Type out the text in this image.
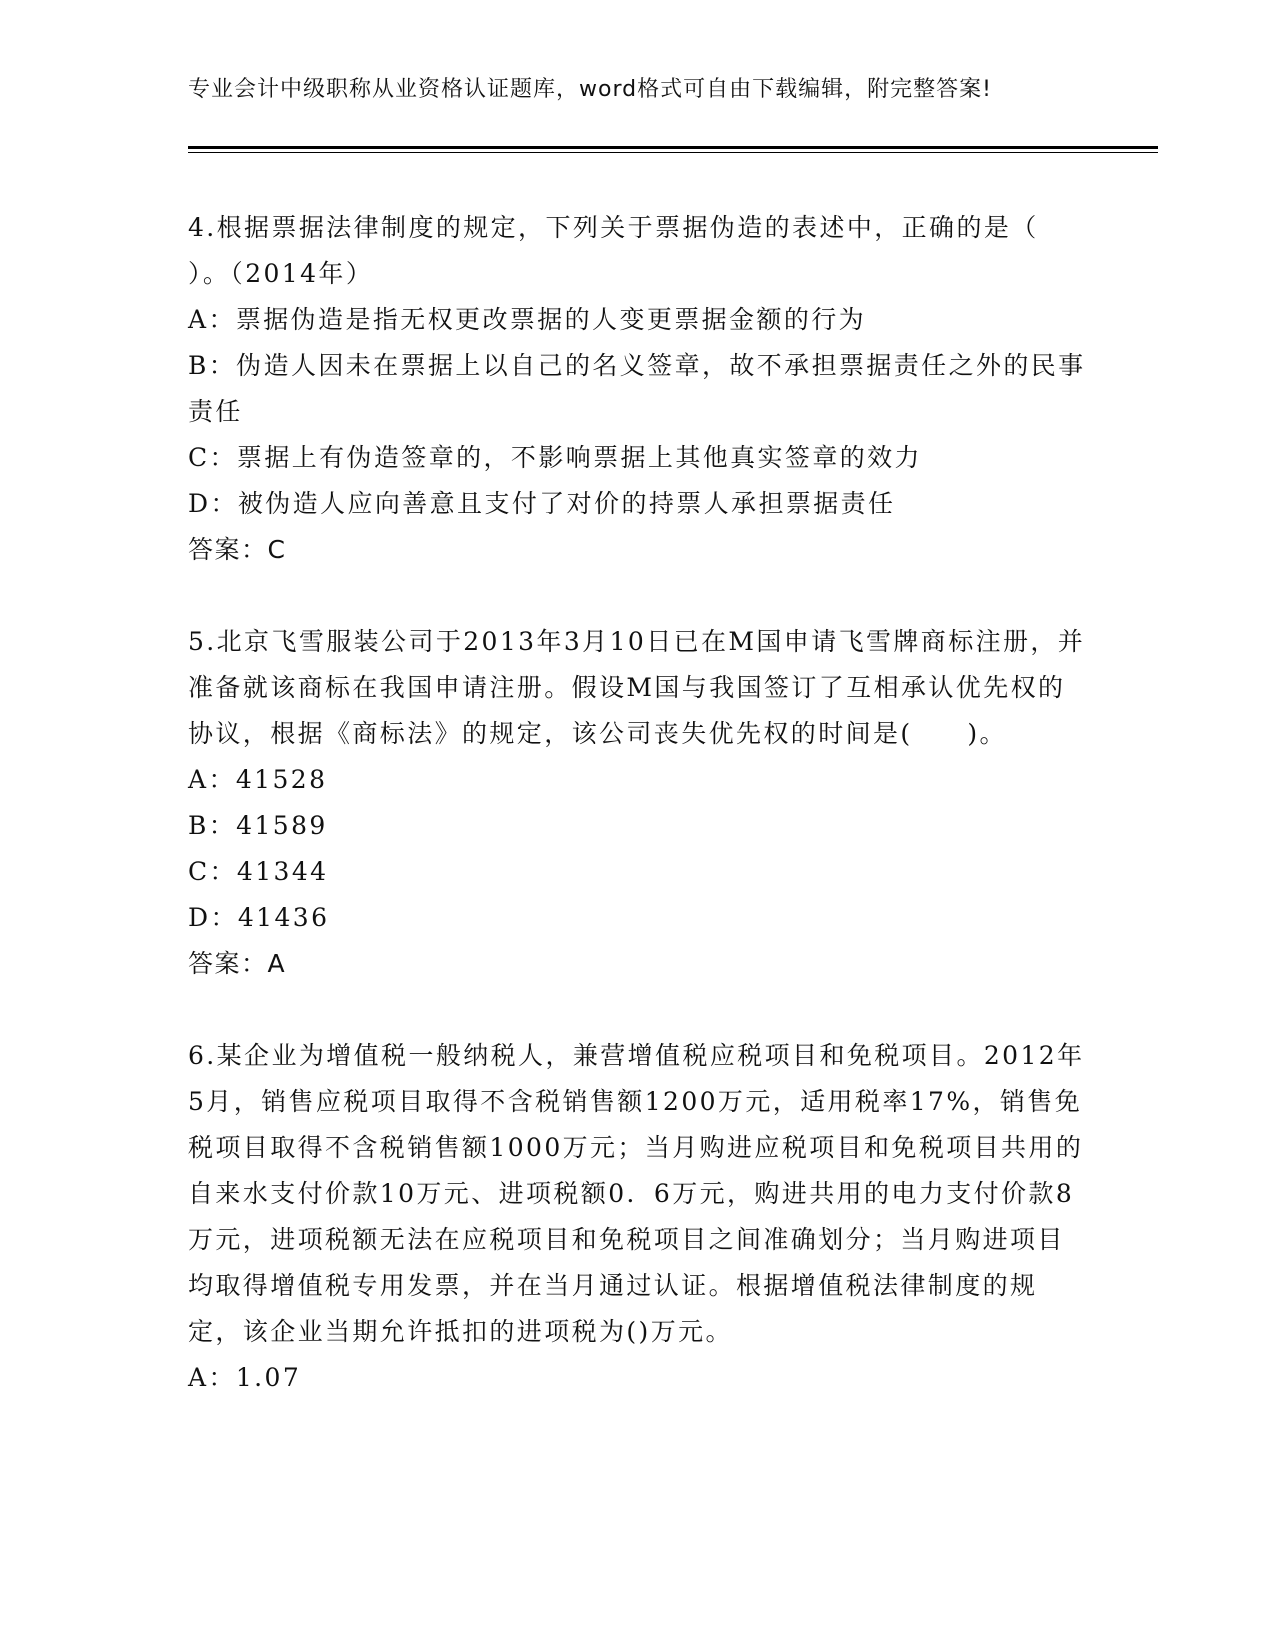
专业会计中级职称从业资格认证题库，word格式可自由下载编辑，附完整答案!
4.根据票据法律制度的规定，下列关于票据伪造的表述中，正确的是（ ）。（2014年）
A：票据伪造是指无权更改票据的人变更票据金额的行为
B：伪造人因未在票据上以自己的名义签章，故不承担票据责任之外的民事责任
C：票据上有伪造签章的，不影响票据上其他真实签章的效力
D：被伪造人应向善意且支付了对价的持票人承担票据责任
答案：C
5.北京飞雪服装公司于2013年3月10日已在M国申请飞雪牌商标注册，并准备就该商标在我国申请注册。假设M国与我国签订了互相承认优先权的协议，根据《商标法》的规定，该公司丧失优先权的时间是(　　)。
A：41528
B：41589
C：41344
D：41436
答案：A
6.某企业为增值税一般纳税人，兼营增值税应税项目和免税项目。2012年5月，销售应税项目取得不含税销售额1200万元，适用税率17%，销售免税项目取得不含税销售额1000万元；当月购进应税项目和免税项目共用的自来水支付价款10万元、进项税额0．6万元，购进共用的电力支付价款8万元，进项税额无法在应税项目和免税项目之间准确划分；当月购进项目均取得增值税专用发票，并在当月通过认证。根据增值税法律制度的规定，该企业当期允许抵扣的进项税为()万元。
A：1.07
